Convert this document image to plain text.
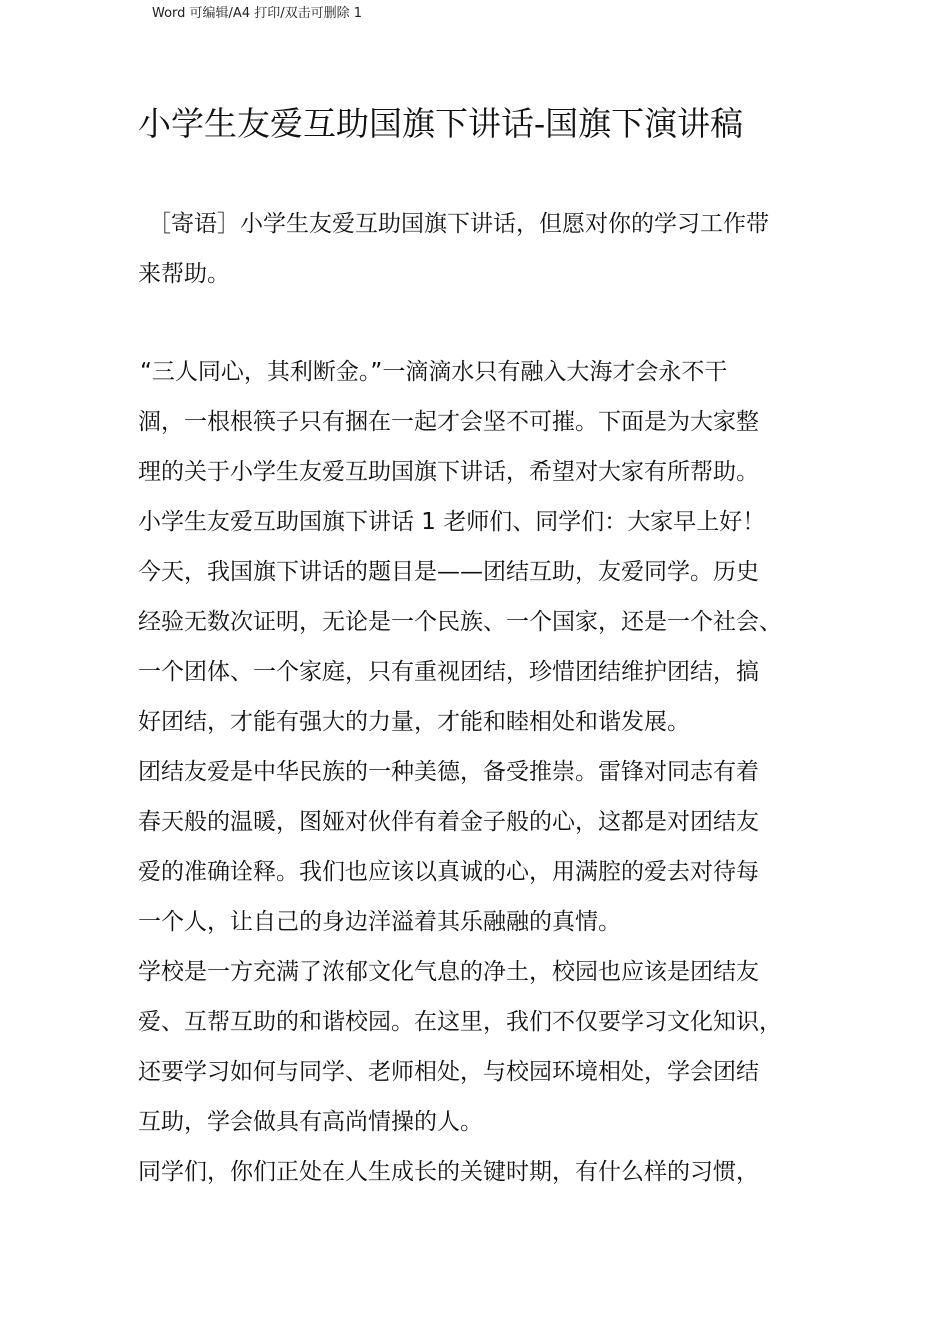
Word 可编辑/A4 打印/双击可删除 1
小学生友爱互助国旗下讲话-国旗下演讲稿
［寄语］小学生友爱互助国旗下讲话，但愿对你的学习工作带
来帮助。
“三人同心，其利断金。”一滴滴水只有融入大海才会永不干
涸，一根根筷子只有捆在一起才会坚不可摧。下面是为大家整
理的关于小学生友爱互助国旗下讲话，希望对大家有所帮助。
小学生友爱互助国旗下讲话 1 老师们、同学们：大家早上好！
今天，我国旗下讲话的题目是——团结互助，友爱同学。历史
经验无数次证明，无论是一个民族、一个国家，还是一个社会、
一个团体、一个家庭，只有重视团结，珍惜团结维护团结，搞
好团结，才能有强大的力量，才能和睦相处和谐发展。
团结友爱是中华民族的一种美德，备受推崇。雷锋对同志有着
春天般的温暖，图娅对伙伴有着金子般的心，这都是对团结友
爱的准确诠释。我们也应该以真诚的心，用满腔的爱去对待每
一个人，让自己的身边洋溢着其乐融融的真情。
学校是一方充满了浓郁文化气息的净土，校园也应该是团结友
爱、互帮互助的和谐校园。在这里，我们不仅要学习文化知识，
还要学习如何与同学、老师相处，与校园环境相处，学会团结
互助，学会做具有高尚情操的人。
同学们，你们正处在人生成长的关键时期，有什么样的习惯，
